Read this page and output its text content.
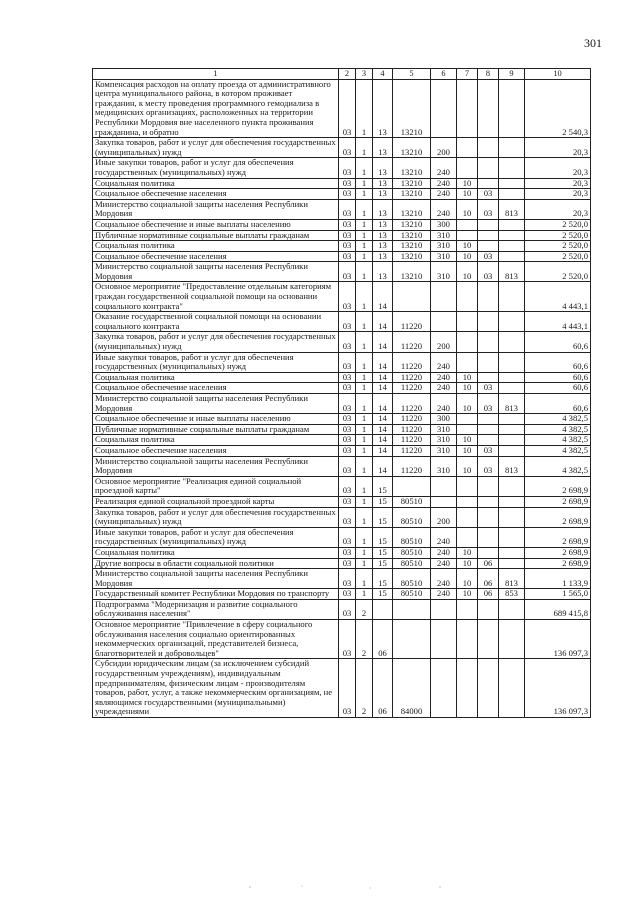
301
1	2	3	4	5	6	7	8	9	10
Компенсация расходов на оплату проезда от административного центра муниципального района, в котором проживает гражданин, к месту проведения программного гемодиализа в медицинских организациях, расположенных на территории Республики Мордовия вне населенного пункта проживания гражданина, и обратно	03	1	13	13210					2 540,3
Закупка товаров, работ и услуг для обеспечения государственных (муниципальных) нужд	03	1	13	13210	200				20,3
Иные закупки товаров, работ и услуг для обеспечения государственных (муниципальных) нужд	03	1	13	13210	240				20,3
Социальная политика	03	1	13	13210	240	10			20,3
Социальное обеспечение населения	03	1	13	13210	240	10	03		20,3
Министерство социальной защиты населения Республики Мордовия	03	1	13	13210	240	10	03	813	20,3
Социальное обеспечение и иные выплаты населению	03	1	13	13210	300				2 520,0
Публичные нормативные социальные выплаты гражданам	03	1	13	13210	310				2 520,0
Социальная политика	03	1	13	13210	310	10			2 520,0
Социальное обеспечение населения	03	1	13	13210	310	10	03		2 520,0
Министерство социальной защиты населения Республики Мордовия	03	1	13	13210	310	10	03	813	2 520,0
Основное мероприятие "Предоставление отдельным категориям граждан государственной социальной помощи на основании социального контракта"	03	1	14						4 443,1
Оказание государственной социальной помощи на основании социального контракта	03	1	14	11220					4 443,1
Закупка товаров, работ и услуг для обеспечения государственных (муниципальных) нужд	03	1	14	11220	200				60,6
Иные закупки товаров, работ и услуг для обеспечения государственных (муниципальных) нужд	03	1	14	11220	240				60,6
Социальная политика	03	1	14	11220	240	10			60,6
Социальное обеспечение населения	03	1	14	11220	240	10	03		60,6
Министерство социальной защиты населения Республики Мордовия	03	1	14	11220	240	10	03	813	60,6
Социальное обеспечение и иные выплаты населению	03	1	14	11220	300				4 382,5
Публичные нормативные социальные выплаты гражданам	03	1	14	11220	310				4 382,5
Социальная политика	03	1	14	11220	310	10			4 382,5
Социальное обеспечение населения	03	1	14	11220	310	10	03		4 382,5
Министерство социальной защиты населения Республики Мордовия	03	1	14	11220	310	10	03	813	4 382,5
Основное мероприятие "Реализация единой социальной проездной карты"	03	1	15						2 698,9
Реализация единой социальной проездной карты	03	1	15	80510					2 698,9
Закупка товаров, работ и услуг для обеспечения государственных (муниципальных) нужд	03	1	15	80510	200				2 698,9
Иные закупки товаров, работ и услуг для обеспечения государственных (муниципальных) нужд	03	1	15	80510	240				2 698,9
Социальная политика	03	1	15	80510	240	10			2 698,9
Другие вопросы в области социальной политики	03	1	15	80510	240	10	06		2 698,9
Министерство социальной защиты населения Республики Мордовия	03	1	15	80510	240	10	06	813	1 133,9
Государственный комитет Республики Мордовия по транспорту	03	1	15	80510	240	10	06	853	1 565,0
Подпрограмма "Модернизация и развитие социального обслуживания населения"	03	2							689 415,8
Основное мероприятие "Привлечение в сферу социального обслуживания населения социально ориентированных некоммерческих организаций, представителей бизнеса, благотворителей и добровольцев"	03	2	06						136 097,3
Субсидии юридическим лицам (за исключением субсидий государственным учреждениям), индивидуальным предпринимателям, физическим лицам - производителям товаров, работ, услуг, а также некоммерческим организациям, не являющимся государственными (муниципальными) учреждениями	03	2	06	84000					136 097,3
